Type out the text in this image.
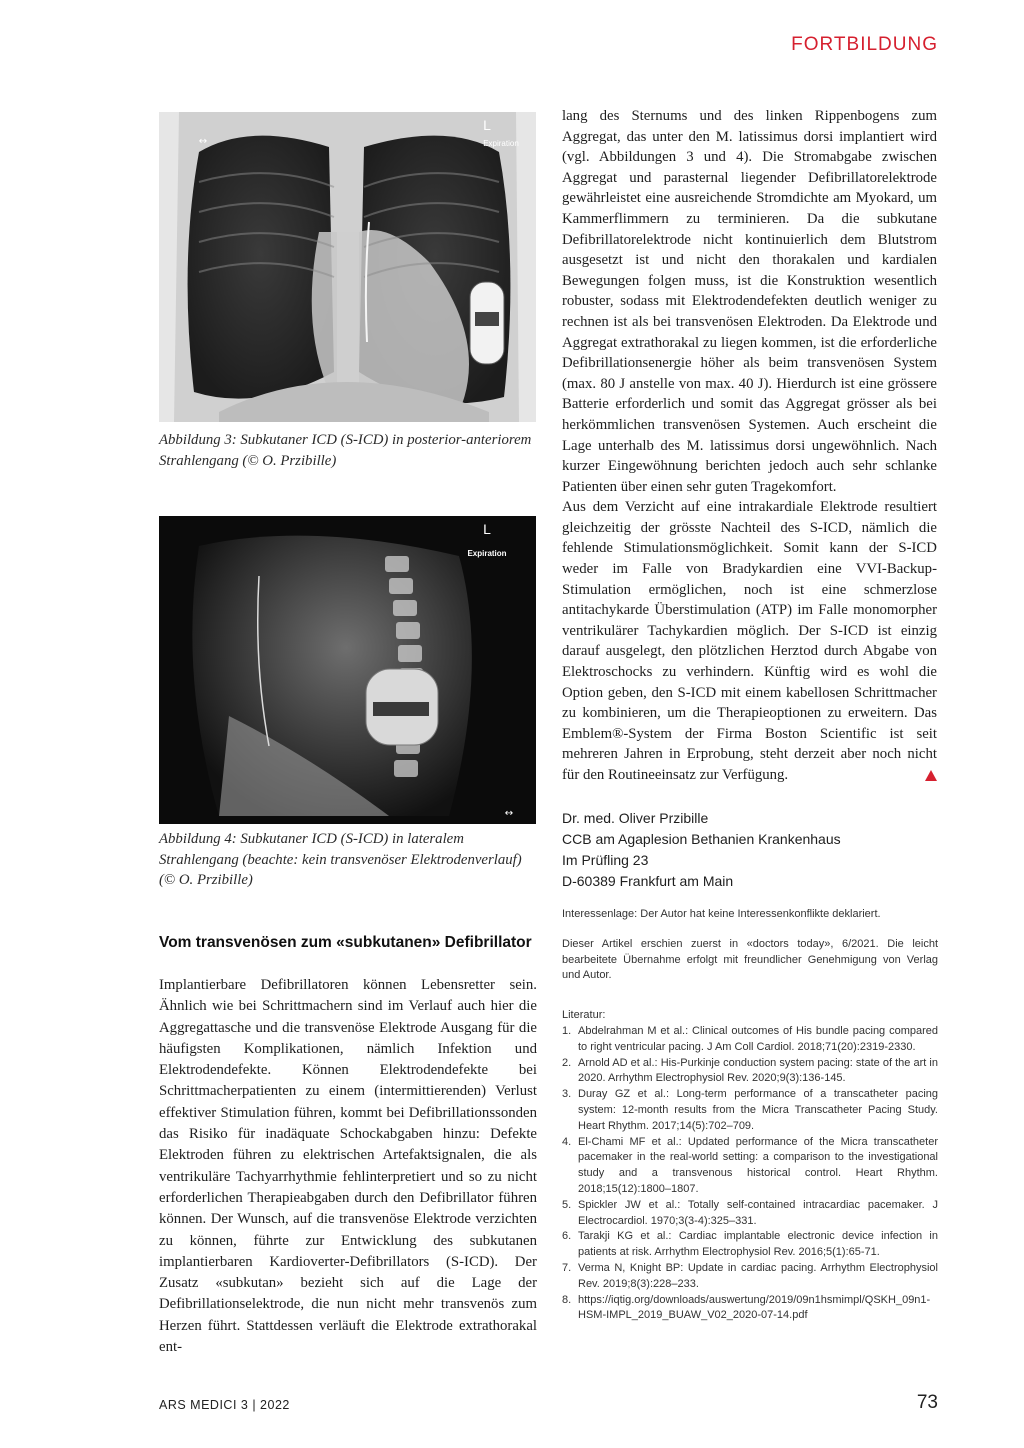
FORTBILDUNG
L
Expiration
↔
Abbildung 3: Subkutaner ICD (S-ICD) in posterior-anteriorem Strahlengang (© O. Przibille)
L
Expiration
↔
Abbildung 4: Subkutaner ICD (S-ICD) in lateralem Strahlengang (beachte: kein transvenöser Elektrodenverlauf) (© O. Przibille)

lang des Sternums und des linken Rippenbogens zum Aggregat, das unter den M. latissimus dorsi implantiert wird (vgl. Abbildungen 3 und 4). Die Stromabgabe zwischen Aggregat und parasternal liegender Defibrillatorelektrode gewährleistet eine ausreichende Stromdichte am Myokard, um Kammerflimmern zu terminieren. Da die subkutane Defibrillatorelektrode nicht kontinuierlich dem Blutstrom ausgesetzt ist und nicht den thorakalen und kardialen Bewegungen folgen muss, ist die Konstruktion wesentlich robuster, sodass mit Elektrodendefekten deutlich weniger zu rechnen ist als bei transvenösen Elektroden. Da Elektrode und Aggregat extrathorakal zu liegen kommen, ist die erforderliche Defibrillationsenergie höher als beim transvenösen System (max. 80 J anstelle von max. 40 J). Hierdurch ist eine grössere Batterie erforderlich und somit das Aggregat grösser als bei herkömmlichen transvenösen Systemen. Auch erscheint die Lage unterhalb des M. latissimus dorsi ungewöhnlich. Nach kurzer Eingewöhnung berichten jedoch auch sehr schlanke Patienten über einen sehr guten Tragekomfort.

Aus dem Verzicht auf eine intrakardiale Elektrode resultiert gleichzeitig der grösste Nachteil des S-ICD, nämlich die fehlende Stimulationsmöglichkeit. Somit kann der S-ICD weder im Falle von Bradykardien eine VVI-Backup-Stimulation ermöglichen, noch ist eine schmerzlose antitachykarde Überstimulation (ATP) im Falle monomorpher ventrikulärer Tachykardien möglich. Der S-ICD ist einzig darauf ausgelegt, den plötzlichen Herztod durch Abgabe von Elektroschocks zu verhindern. Künftig wird es wohl die Option geben, den S-ICD mit einem kabellosen Schrittmacher zu kombinieren, um die Therapieoptionen zu erweitern. Das Emblem®-System der Firma Boston Scientific ist seit mehreren Jahren in Erprobung, steht derzeit aber noch nicht für den Routineeinsatz zur Verfügung.

Dr. med. Oliver Przibille
CCB am Agaplesion Bethanien Krankenhaus
Im Prüfling 23
D-60389 Frankfurt am Main
Interessenlage: Der Autor hat keine Interessenkonflikte deklariert.
Dieser Artikel erschien zuerst in «doctors today», 6/2021. Die leicht bearbeitete Übernahme erfolgt mit freundlicher Genehmigung von Verlag und Autor.
Literatur:
1. Abdelrahman M et al.: Clinical outcomes of His bundle pacing compared to right ventricular pacing. J Am Coll Cardiol. 2018;71(20):2319-2330.
2. Arnold AD et al.: His-Purkinje conduction system pacing: state of the art in 2020. Arrhythm Electrophysiol Rev. 2020;9(3):136-145.
3. Duray GZ et al.: Long-term performance of a transcatheter pacing system: 12-month results from the Micra Transcatheter Pacing Study. Heart Rhythm. 2017;14(5):702–709.
4. El-Chami MF et al.: Updated performance of the Micra transcatheter pacemaker in the real-world setting: a comparison to the investigational study and a transvenous historical control. Heart Rhythm. 2018;15(12):1800–1807.
5. Spickler JW et al.: Totally self-contained intracardiac pacemaker. J Electrocardiol. 1970;3(3-4):325–331.
6. Tarakji KG et al.: Cardiac implantable electronic device infection in patients at risk. Arrhythm Electrophysiol Rev. 2016;5(1):65-71.
7. Verma N, Knight BP: Update in cardiac pacing. Arrhythm Electrophysiol Rev. 2019;8(3):228–233.
8. https://iqtig.org/downloads/auswertung/2019/09n1hsmimpl/QSKH_09n1-HSM-IMPL_2019_BUAW_V02_2020-07-14.pdf
Vom transvenösen zum «subkutanen» Defibrillator
Implantierbare Defibrillatoren können Lebensretter sein. Ähnlich wie bei Schrittmachern sind im Verlauf auch hier die Aggregattasche und die transvenöse Elektrode Ausgang für die häufigsten Komplikationen, nämlich Infektion und Elektrodendefekte. Können Elektrodendefekte bei Schrittmacherpatienten zu einem (intermittierenden) Verlust effektiver Stimulation führen, kommt bei Defibrillationssonden das Risiko für inadäquate Schockabgaben hinzu: Defekte Elektroden führen zu elektrischen Artefaktsignalen, die als ventrikuläre Tachyarrhythmie fehlinterpretiert und so zu nicht erforderlichen Therapieabgaben durch den Defibrillator führen können. Der Wunsch, auf die transvenöse Elektrode verzichten zu können, führte zur Entwicklung des subkutanen implantierbaren Kardioverter-Defibrillators (S-ICD). Der Zusatz «subkutan» bezieht sich auf die Lage der Defibrillationselektrode, die nun nicht mehr transvenös zum Herzen führt. Stattdessen verläuft die Elektrode extrathorakal ent-
ARS MEDICI 3 | 2022	73
